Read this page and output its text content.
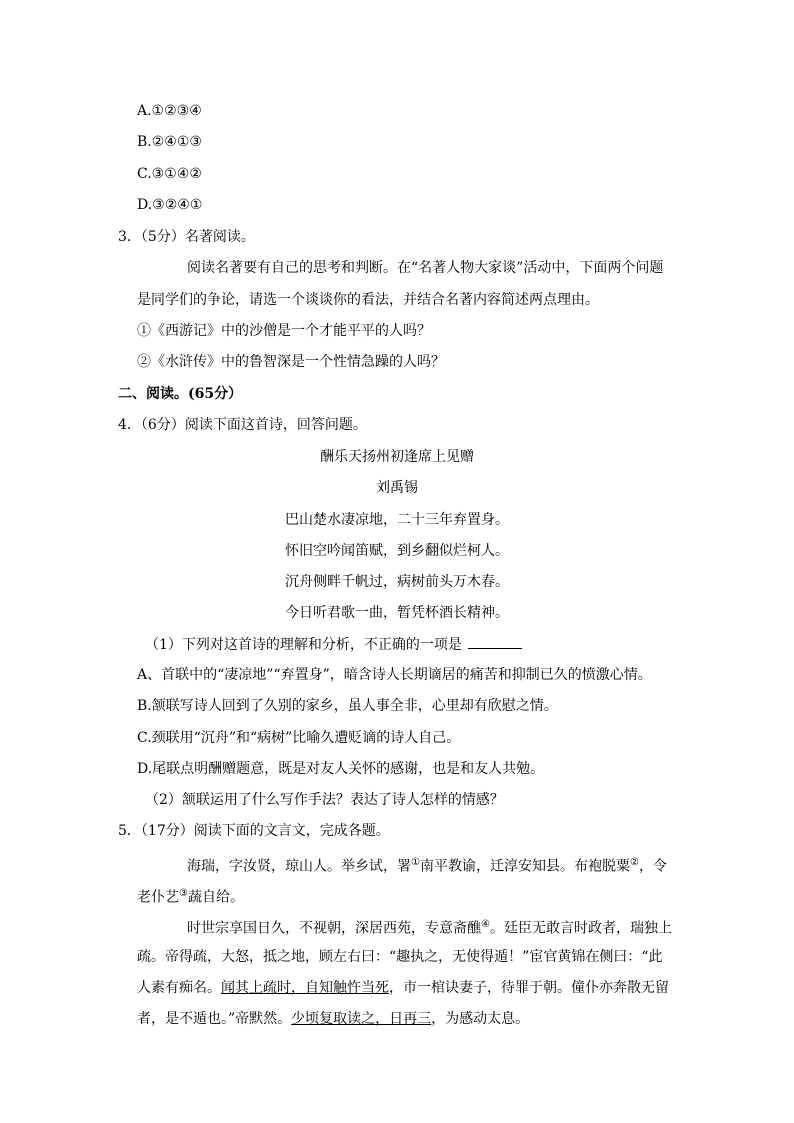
A.①②③④
B.②④①③
C.③①④②
D.③②④①
3．（5分）名著阅读。
阅读名著要有自己的思考和判断。在“名著人物大家谈”活动中，下面两个问题
是同学们的争论，请选一个谈谈你的看法，并结合名著内容简述两点理由。
①《西游记》中的沙僧是一个才能平平的人吗？
②《水浒传》中的鲁智深是一个性情急躁的人吗？
二、阅读。(65分）
4．（6分）阅读下面这首诗，回答问题。
酬乐天扬州初逢席上见赠
刘禹锡
巴山楚水凄凉地，二十三年弃置身。
怀旧空吟闻笛赋，到乡翻似烂柯人。
沉舟侧畔千帆过，病树前头万木春。
今日听君歌一曲，暂凭杯酒长精神。
（1）下列对这首诗的理解和分析，不正确的一项是
A、首联中的“凄凉地”“弃置身”，暗含诗人长期谪居的痛苦和抑制已久的愤激心情。
B.颔联写诗人回到了久别的家乡，虽人事全非，心里却有欣慰之情。
C.颈联用“沉舟”和“病树”比喻久遭贬谪的诗人自己。
D.尾联点明酬赠题意，既是对友人关怀的感谢，也是和友人共勉。
（2）颔联运用了什么写作手法？表达了诗人怎样的情感？
5．（17分）阅读下面的文言文，完成各题。
海瑞，字汝贤，琼山人。举乡试，署①南平教谕，迁淳安知县。布袍脱粟②，令
老仆艺③蔬自给。
时世宗享国日久，不视朝，深居西苑，专意斋醮④。廷臣无敢言时政者，瑞独上
疏。帝得疏，大怒，抵之地，顾左右曰：“趣执之，无使得遁！”宦官黄锦在侧曰：“此
人素有痴名。闻其上疏时，自知触忤当死，市一棺诀妻子，待罪于朝。僮仆亦奔散无留
者，是不遁也。”帝默然。少顷复取读之，日再三，为感动太息。
